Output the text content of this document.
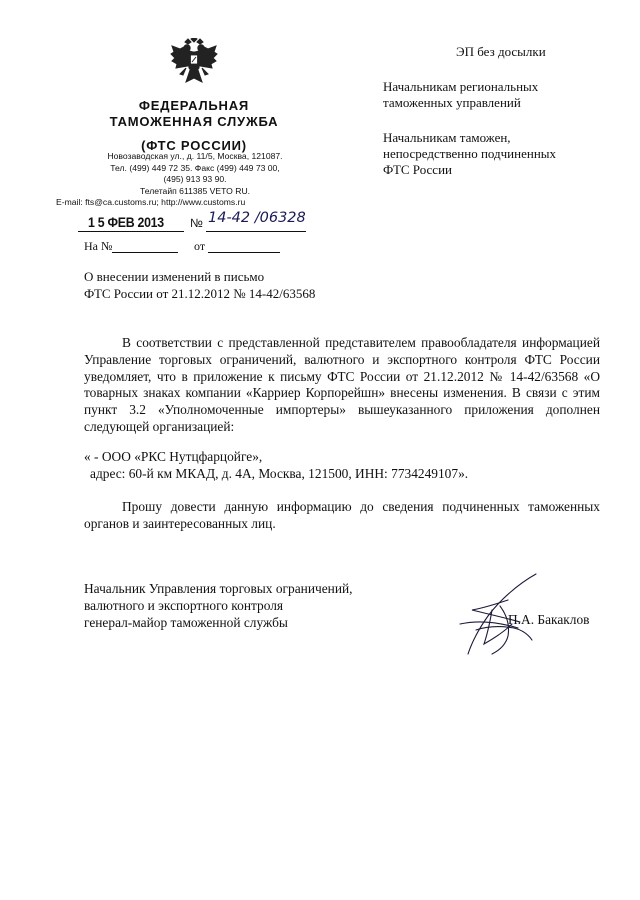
ФЕДЕРАЛЬНАЯ
ТАМОЖЕННАЯ СЛУЖБА
(ФТС РОССИИ)
Новозаводская ул., д. 11/5, Москва, 121087.
Тел. (499) 449 72 35. Факс (499) 449 73 00,
(495) 913 93 90.
Телетайп 611385 VETO RU.
E-mail: fts@ca.customs.ru; http://www.customs.ru
1 5 ФЕВ 2013 № 14-42 /06328
На №	от
О внесении изменений в письмо
ФТС России от 21.12.2012 № 14-42/63568
ЭП без досылки
Начальникам региональных
таможенных управлений
Начальникам таможен,
непосредственно подчиненных
ФТС России
В соответствии с представленной представителем правообладателя информацией Управление торговых ограничений, валютного и экспортного контроля ФТС России уведомляет, что в приложение к письму ФТС России от 21.12.2012 № 14-42/63568 «О товарных знаках компании «Карриер Корпорейшн» внесены изменения. В связи с этим пункт 3.2 «Уполномоченные импортеры» вышеуказанного приложения дополнен следующей организацией:
« - ООО «РКС Нутцфарцойге»,
адрес: 60-й км МКАД, д. 4А, Москва, 121500, ИНН: 7734249107».
Прошу довести данную информацию до сведения подчиненных таможенных органов и заинтересованных лиц.
Начальник Управления торговых ограничений,
валютного и экспортного контроля
генерал-майор таможенной службы	П.А. Бакаклов
